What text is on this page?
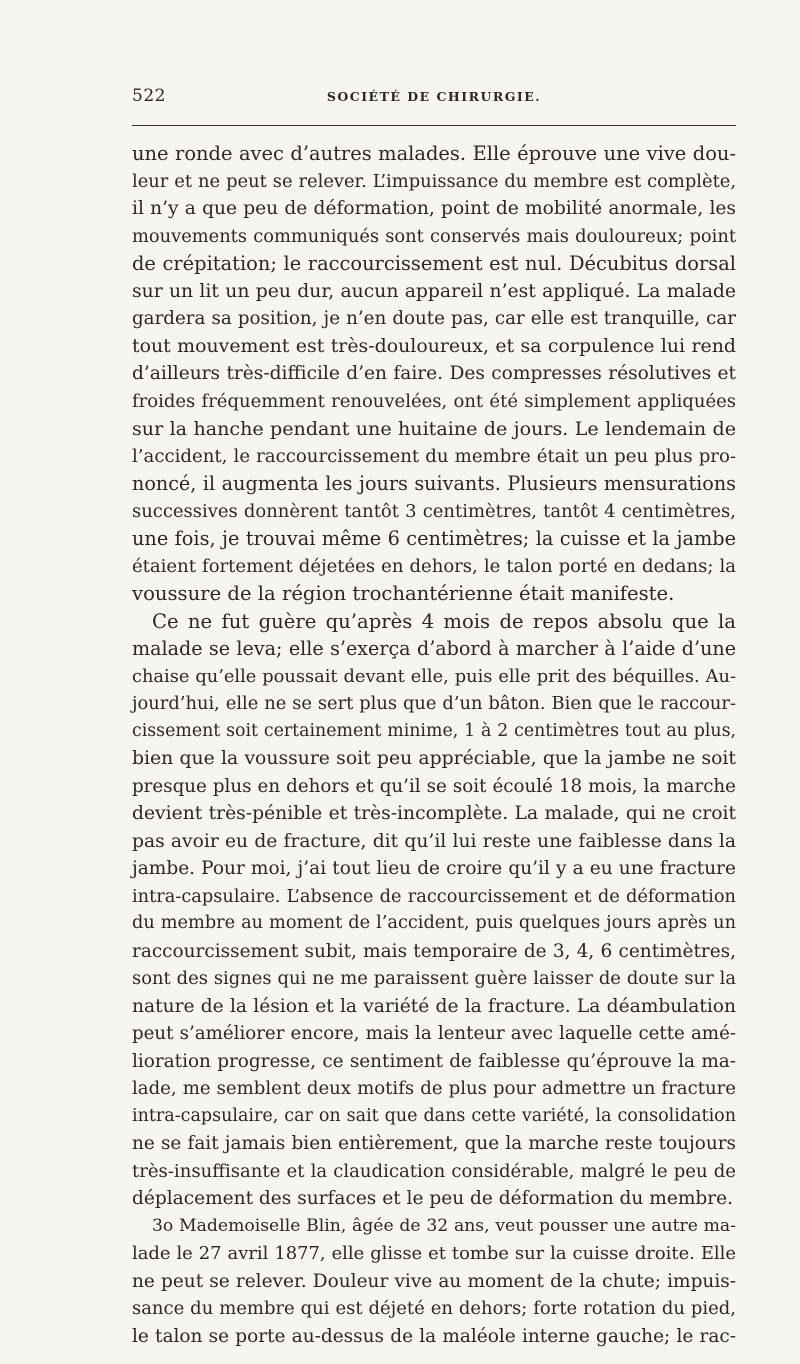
522	SOCIÉTÉ DE CHIRURGIE.
une ronde avec d’autres malades. Elle éprouve une vive dou-
leur et ne peut se relever. L’impuissance du membre est complète,
il n’y a que peu de déformation, point de mobilité anormale, les
mouvements communiqués sont conservés mais douloureux; point
de crépitation; le raccourcissement est nul. Décubitus dorsal
sur un lit un peu dur, aucun appareil n’est appliqué. La malade
gardera sa position, je n’en doute pas, car elle est tranquille, car
tout mouvement est très-douloureux, et sa corpulence lui rend
d’ailleurs très-difficile d’en faire. Des compresses résolutives et
froides fréquemment renouvelées, ont été simplement appliquées
sur la hanche pendant une huitaine de jours. Le lendemain de
l’accident, le raccourcissement du membre était un peu plus pro-
noncé, il augmenta les jours suivants. Plusieurs mensurations
successives donnèrent tantôt 3 centimètres, tantôt 4 centimètres,
une fois, je trouvai même 6 centimètres; la cuisse et la jambe
étaient fortement déjetées en dehors, le talon porté en dedans; la
voussure de la région trochantérienne était manifeste.
Ce ne fut guère qu’après 4 mois de repos absolu que la
malade se leva; elle s’exerça d’abord à marcher à l’aide d’une
chaise qu’elle poussait devant elle, puis elle prit des béquilles. Au-
jourd’hui, elle ne se sert plus que d’un bâton. Bien que le raccour-
cissement soit certainement minime, 1 à 2 centimètres tout au plus,
bien que la voussure soit peu appréciable, que la jambe ne soit
presque plus en dehors et qu’il se soit écoulé 18 mois, la marche
devient très-pénible et très-incomplète. La malade, qui ne croit
pas avoir eu de fracture, dit qu’il lui reste une faiblesse dans la
jambe. Pour moi, j’ai tout lieu de croire qu’il y a eu une fracture
intra-capsulaire. L’absence de raccourcissement et de déformation
du membre au moment de l’accident, puis quelques jours après un
raccourcissement subit, mais temporaire de 3, 4, 6 centimètres,
sont des signes qui ne me paraissent guère laisser de doute sur la
nature de la lésion et la variété de la fracture. La déambulation
peut s’améliorer encore, mais la lenteur avec laquelle cette amé-
lioration progresse, ce sentiment de faiblesse qu’éprouve la ma-
lade, me semblent deux motifs de plus pour admettre un fracture
intra-capsulaire, car on sait que dans cette variété, la consolidation
ne se fait jamais bien entièrement, que la marche reste toujours
très-insuffisante et la claudication considérable, malgré le peu de
déplacement des surfaces et le peu de déformation du membre.
3o Mademoiselle Blin, âgée de 32 ans, veut pousser une autre ma-
lade le 27 avril 1877, elle glisse et tombe sur la cuisse droite. Elle
ne peut se relever. Douleur vive au moment de la chute; impuis-
sance du membre qui est déjeté en dehors; forte rotation du pied,
le talon se porte au-dessus de la maléole interne gauche; le rac-
